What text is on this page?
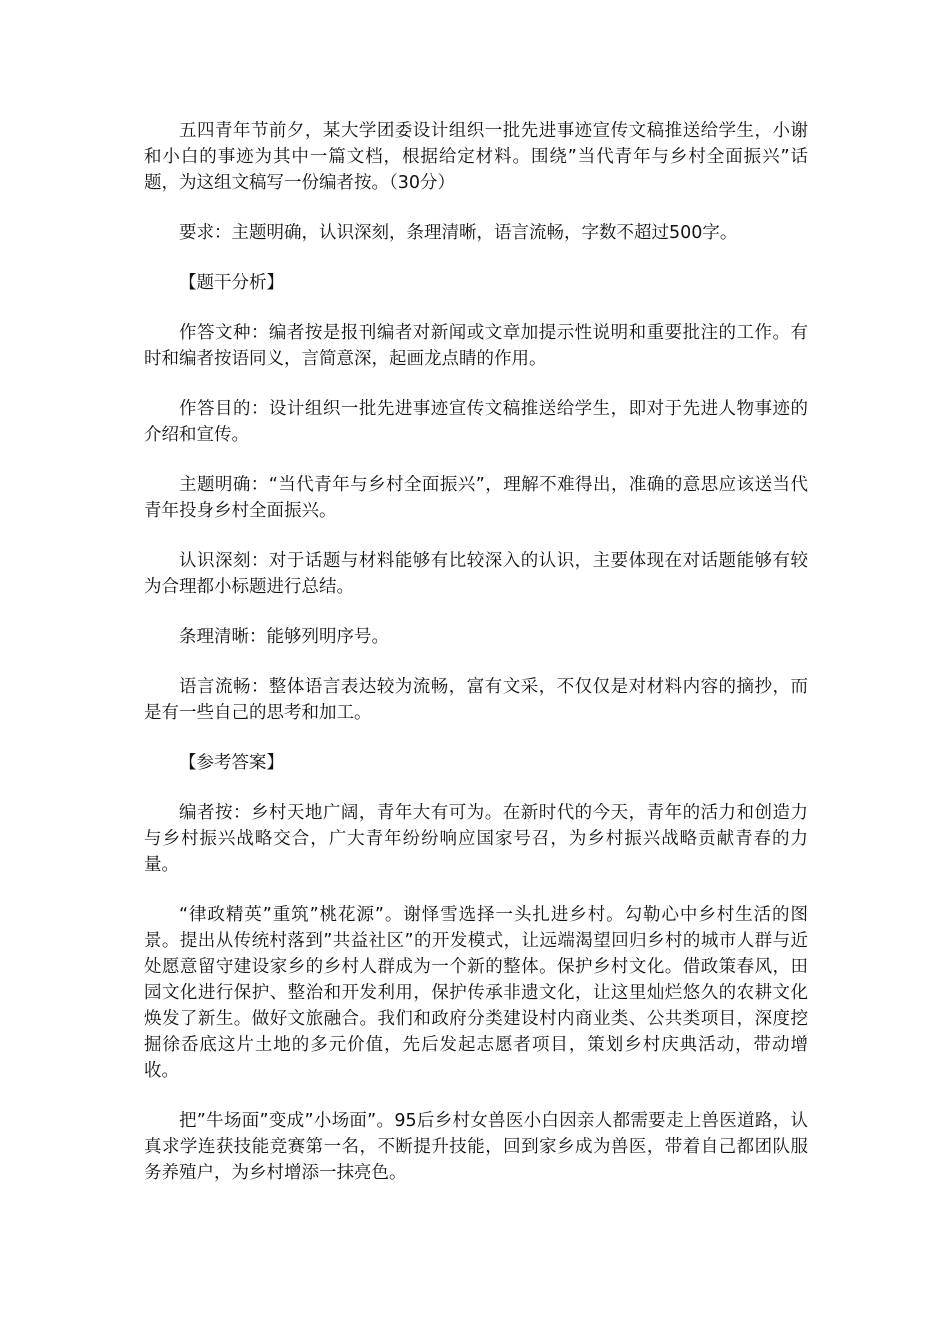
五四青年节前夕，某大学团委设计组织一批先进事迹宣传文稿推送给学生，小谢和小白的事迹为其中一篇文档，根据给定材料。围绕”当代青年与乡村全面振兴”话题，为这组文稿写一份编者按。（30分）

要求：主题明确，认识深刻，条理清晰，语言流畅，字数不超过500字。

【题干分析】

作答文种：编者按是报刊编者对新闻或文章加提示性说明和重要批注的工作。有时和编者按语同义，言简意深，起画龙点睛的作用。

作答目的：设计组织一批先进事迹宣传文稿推送给学生，即对于先进人物事迹的介绍和宣传。

主题明确：“当代青年与乡村全面振兴”，理解不难得出，准确的意思应该送当代青年投身乡村全面振兴。

认识深刻：对于话题与材料能够有比较深入的认识，主要体现在对话题能够有较为合理都小标题进行总结。

条理清晰：能够列明序号。

语言流畅：整体语言表达较为流畅，富有文采，不仅仅是对材料内容的摘抄，而是有一些自己的思考和加工。

【参考答案】

编者按：乡村天地广阔，青年大有可为。在新时代的今天，青年的活力和创造力与乡村振兴战略交合，广大青年纷纷响应国家号召，为乡村振兴战略贡献青春的力量。

“律政精英”重筑”桃花源”。谢怿雪选择一头扎进乡村。勾勒心中乡村生活的图景。提出从传统村落到”共益社区”的开发模式，让远端渴望回归乡村的城市人群与近处愿意留守建设家乡的乡村人群成为一个新的整体。保护乡村文化。借政策春风，田园文化进行保护、整治和开发利用，保护传承非遗文化，让这里灿烂悠久的农耕文化焕发了新生。做好文旅融合。我们和政府分类建设村内商业类、公共类项目，深度挖掘徐岙底这片土地的多元价值，先后发起志愿者项目，策划乡村庆典活动，带动增收。

把”牛场面”变成”小场面”。95后乡村女兽医小白因亲人都需要走上兽医道路，认真求学连获技能竞赛第一名，不断提升技能，回到家乡成为兽医，带着自己都团队服务养殖户，为乡村增添一抹亮色。
